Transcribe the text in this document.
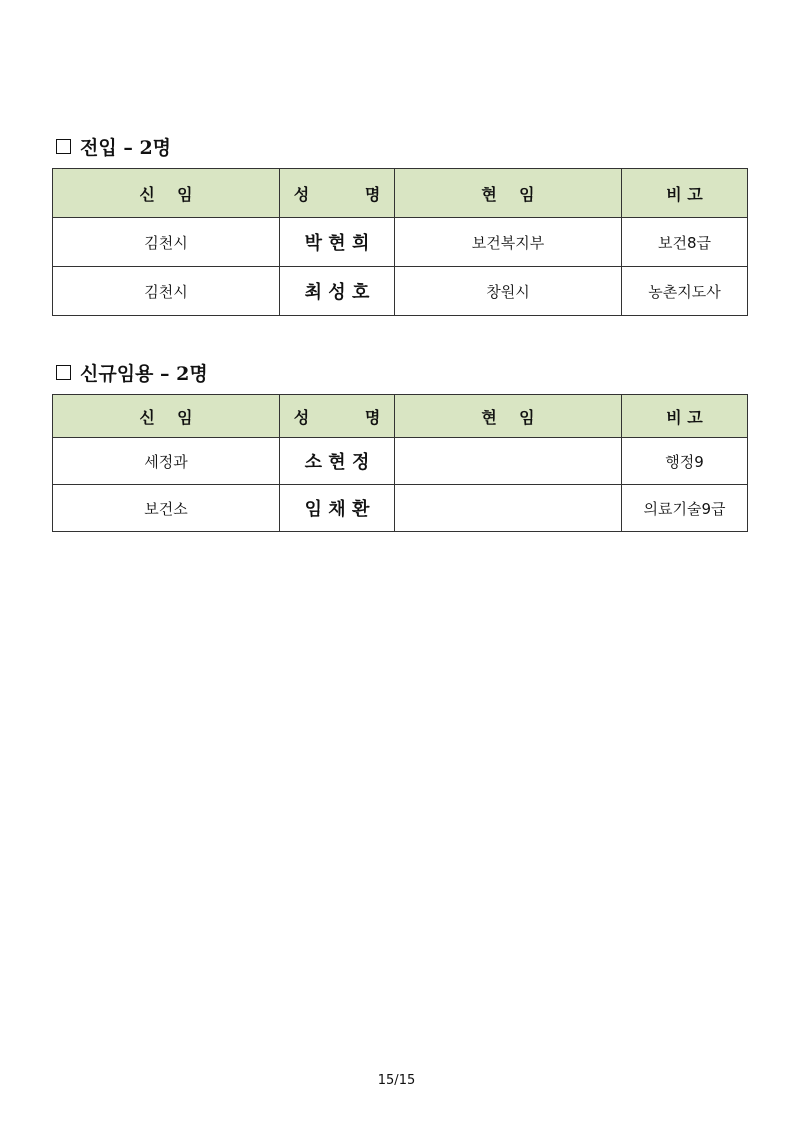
전입 – 2명
신    임	성          명	현    임	비 고
김천시	박 현 희	보건복지부	보건8급
김천시	최 성 호	창원시	농촌지도사
신규임용 – 2명
신    임	성          명	현    임	비 고
세정과	소 현 정		행정9
보건소	임 채 환		의료기술9급
15/15
